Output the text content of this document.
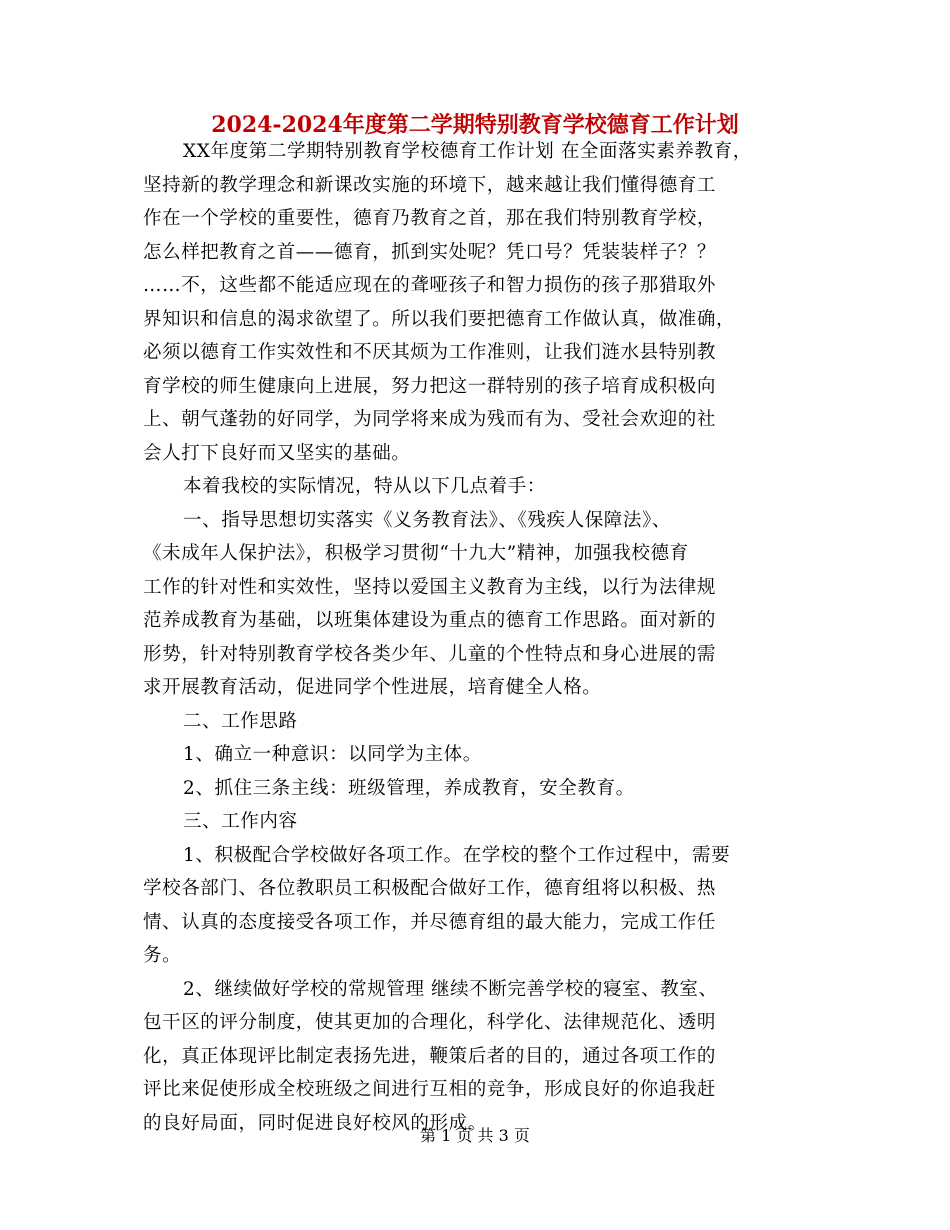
2024-2024年度第二学期特别教育学校德育工作计划
XX年度第二学期特别教育学校德育工作计划 在全面落实素养教育，
坚持新的教学理念和新课改实施的环境下，越来越让我们懂得德育工
作在一个学校的重要性，德育乃教育之首，那在我们特别教育学校，
怎么样把教育之首——德育，抓到实处呢？凭口号？凭装装样子？？
……不，这些都不能适应现在的聋哑孩子和智力损伤的孩子那猎取外
界知识和信息的渴求欲望了。所以我们要把德育工作做认真，做准确，
必须以德育工作实效性和不厌其烦为工作准则，让我们涟水县特别教
育学校的师生健康向上进展，努力把这一群特别的孩子培育成积极向
上、朝气蓬勃的好同学，为同学将来成为残而有为、受社会欢迎的社
会人打下良好而又坚实的基础。
本着我校的实际情况，特从以下几点着手：
一、指导思想切实落实《义务教育法》、《残疾人保障法》、
《未成年人保护法》，积极学习贯彻“十九大”精神，加强我校德育
工作的针对性和实效性，坚持以爱国主义教育为主线，以行为法律规
范养成教育为基础，以班集体建设为重点的德育工作思路。面对新的
形势，针对特别教育学校各类少年、儿童的个性特点和身心进展的需
求开展教育活动，促进同学个性进展，培育健全人格。
二、工作思路
1、确立一种意识：以同学为主体。
2、抓住三条主线：班级管理，养成教育，安全教育。
三、工作内容
1、积极配合学校做好各项工作。在学校的整个工作过程中，需要
学校各部门、各位教职员工积极配合做好工作，德育组将以积极、热
情、认真的态度接受各项工作，并尽德育组的最大能力，完成工作任
务。
2、继续做好学校的常规管理 继续不断完善学校的寝室、教室、
包干区的评分制度，使其更加的合理化，科学化、法律规范化、透明
化，真正体现评比制定表扬先进，鞭策后者的目的，通过各项工作的
评比来促使形成全校班级之间进行互相的竞争，形成良好的你追我赶
的良好局面，同时促进良好校风的形成。
第 1 页 共 3 页
